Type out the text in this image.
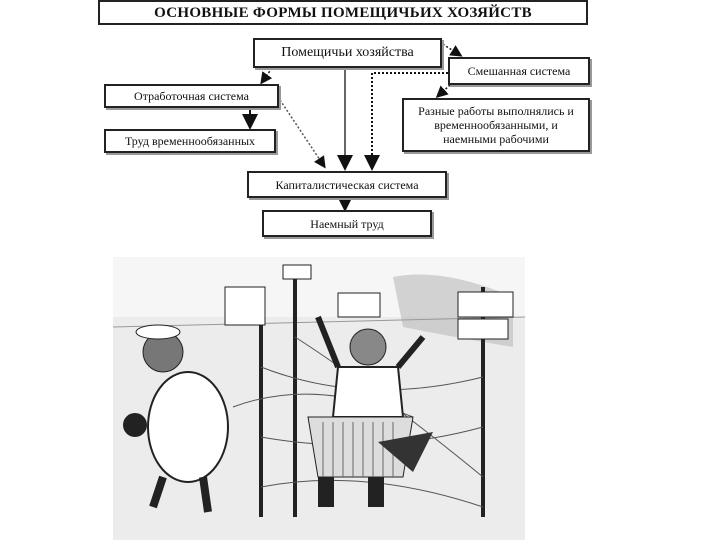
ОСНОВНЫЕ ФОРМЫ ПОМЕЩИЧЬИХ ХОЗЯЙСТВ
Помещичьи хозяйства
Смешанная система
Отработочная система
Разные работы выполнялись и временнообязанными, и наемными рабочими
Труд временнообязанных
Капиталистическая система
Наемный труд
